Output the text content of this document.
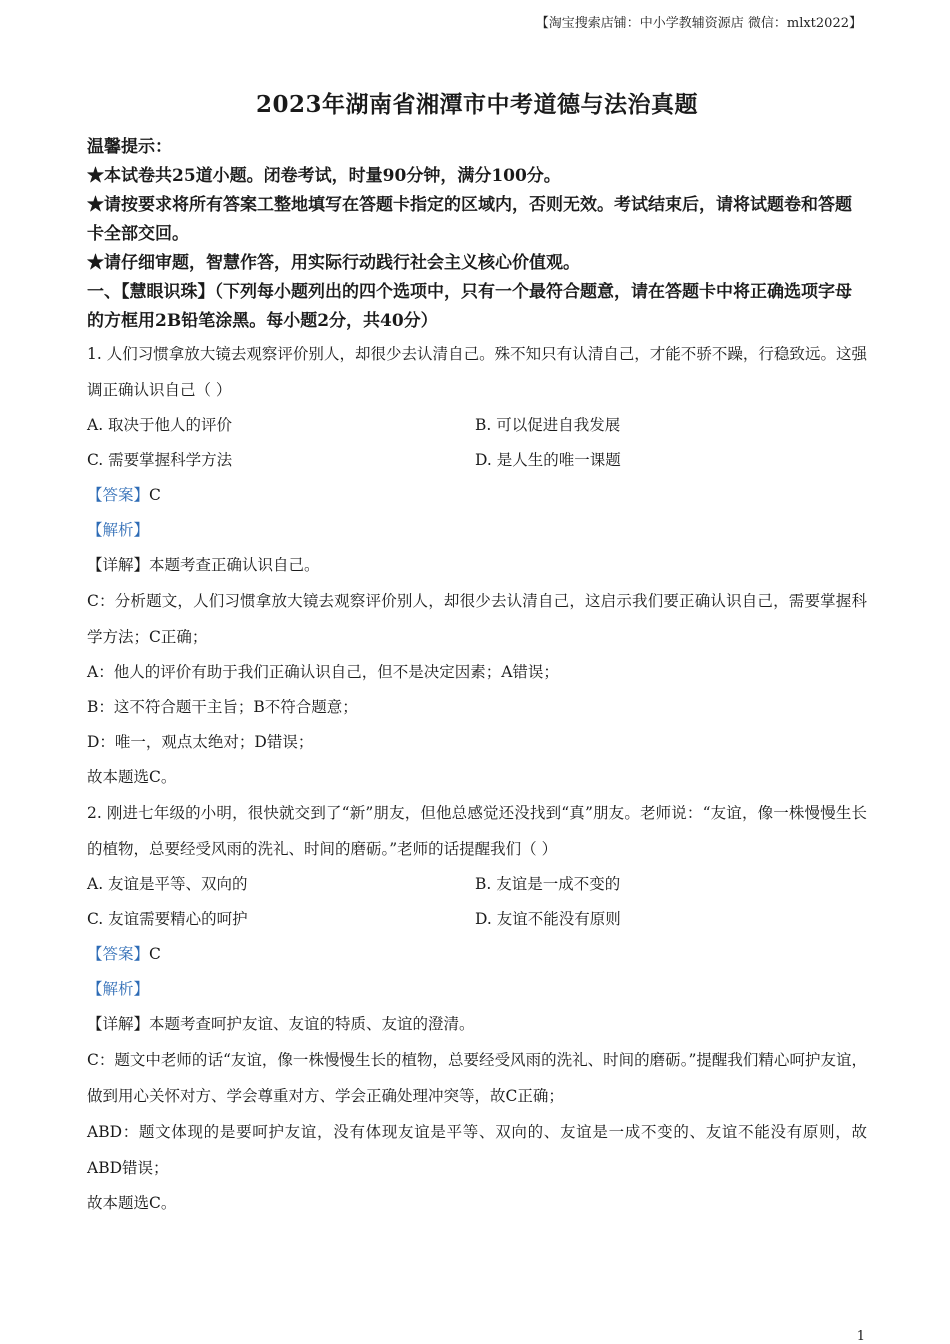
【淘宝搜索店铺：中小学教辅资源店 微信：mlxt2022】
2023年湖南省湘潭市中考道德与法治真题

温馨提示：

★本试卷共25道小题。闭卷考试，时量90分钟，满分100分。

★请按要求将所有答案工整地填写在答题卡指定的区域内，否则无效。考试结束后，请将试题卷和答题卡全部交回。

★请仔细审题，智慧作答，用实际行动践行社会主义核心价值观。

一、【慧眼识珠】（下列每小题列出的四个选项中，只有一个最符合题意，请在答题卡中将正确选项字母的方框用2B铅笔涂黑。每小题2分，共40分）

1. 人们习惯拿放大镜去观察评价别人，却很少去认清自己。殊不知只有认清自己，才能不骄不躁，行稳致远。这强调正确认识自己（ ）

A. 取决于他人的评价	B. 可以促进自我发展
C. 需要掌握科学方法	D. 是人生的唯一课题

【答案】C

【解析】

【详解】本题考查正确认识自己。

C：分析题文，人们习惯拿放大镜去观察评价别人，却很少去认清自己，这启示我们要正确认识自己，需要掌握科学方法；C正确；

A：他人的评价有助于我们正确认识自己，但不是决定因素；A错误；

B：这不符合题干主旨；B不符合题意；

D：唯一，观点太绝对；D错误；

故本题选C。

2. 刚进七年级的小明，很快就交到了“新”朋友，但他总感觉还没找到“真”朋友。老师说：“友谊，像一株慢慢生长的植物，总要经受风雨的洗礼、时间的磨砺。”老师的话提醒我们（ ）

A. 友谊是平等、双向的	B. 友谊是一成不变的
C. 友谊需要精心的呵护	D. 友谊不能没有原则

【答案】C

【解析】

【详解】本题考查呵护友谊、友谊的特质、友谊的澄清。

C：题文中老师的话“友谊，像一株慢慢生长的植物，总要经受风雨的洗礼、时间的磨砺。”提醒我们精心呵护友谊，做到用心关怀对方、学会尊重对方、学会正确处理冲突等，故C正确；

ABD：题文体现的是要呵护友谊，没有体现友谊是平等、双向的、友谊是一成不变的、友谊不能没有原则，故ABD错误；

故本题选C。

1
